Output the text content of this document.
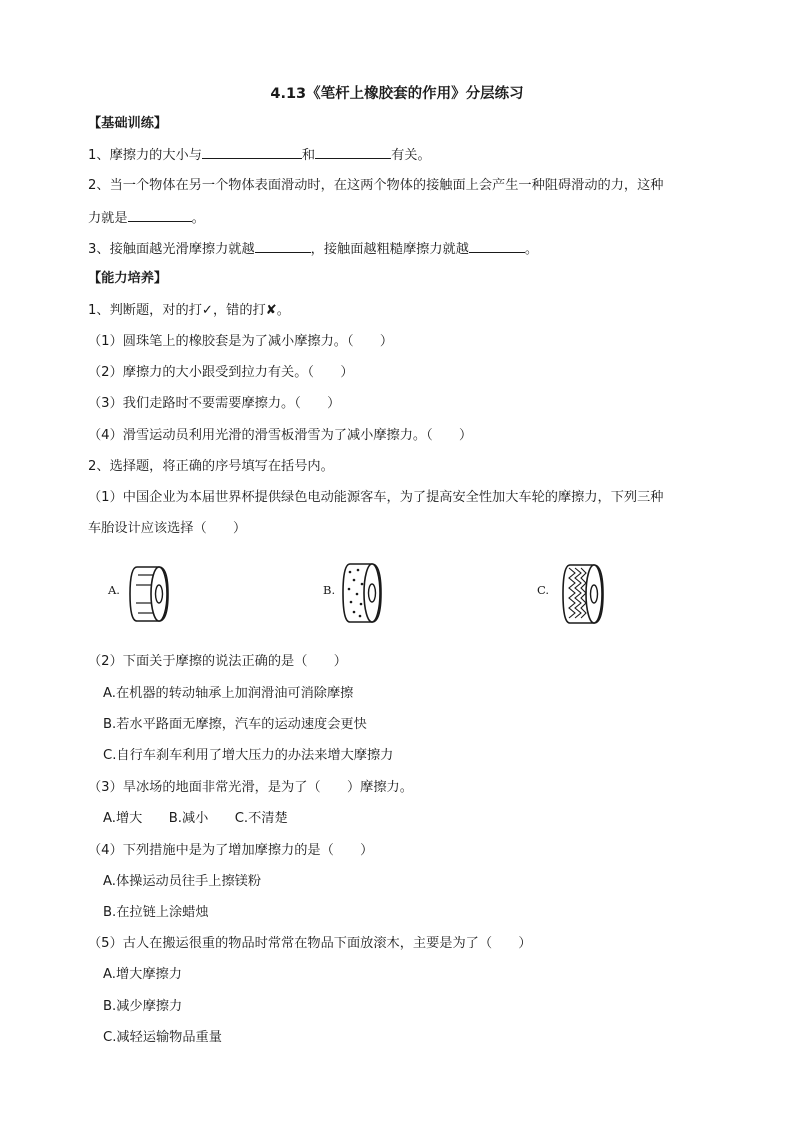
4.13《笔杆上橡胶套的作用》分层练习
【基础训练】
1、摩擦力的大小与	和	有关。
2、当一个物体在另一个物体表面滑动时，在这两个物体的接触面上会产生一种阻碍滑动的力，这种
力就是	。
3、接触面越光滑摩擦力就越	，接触面越粗糙摩擦力就越	。
【能力培养】
1、判断题，对的打✓，错的打✘。
（1）圆珠笔上的橡胶套是为了减小摩擦力。（　　）
（2）摩擦力的大小跟受到拉力有关。（　　）
（3）我们走路时不要需要摩擦力。（　　）
（4）滑雪运动员利用光滑的滑雪板滑雪为了减小摩擦力。（　　）
2、选择题，将正确的序号填写在括号内。
（1）中国企业为本届世界杯提供绿色电动能源客车，为了提高安全性加大车轮的摩擦力，下列三种
车胎设计应该选择（　　）
A.	B.	C.
（2）下面关于摩擦的说法正确的是（　　）
A.在机器的转动轴承上加润滑油可消除摩擦
B.若水平路面无摩擦，汽车的运动速度会更快
C.自行车刹车利用了增大压力的办法来增大摩擦力
（3）旱冰场的地面非常光滑，是为了（　　）摩擦力。
A.增大　　B.减小　　C.不清楚
（4）下列措施中是为了增加摩擦力的是（　　）
A.体操运动员往手上擦镁粉
B.在拉链上涂蜡烛
（5）古人在搬运很重的物品时常常在物品下面放滚木，主要是为了（　　）
A.增大摩擦力
B.减少摩擦力
C.减轻运输物品重量
